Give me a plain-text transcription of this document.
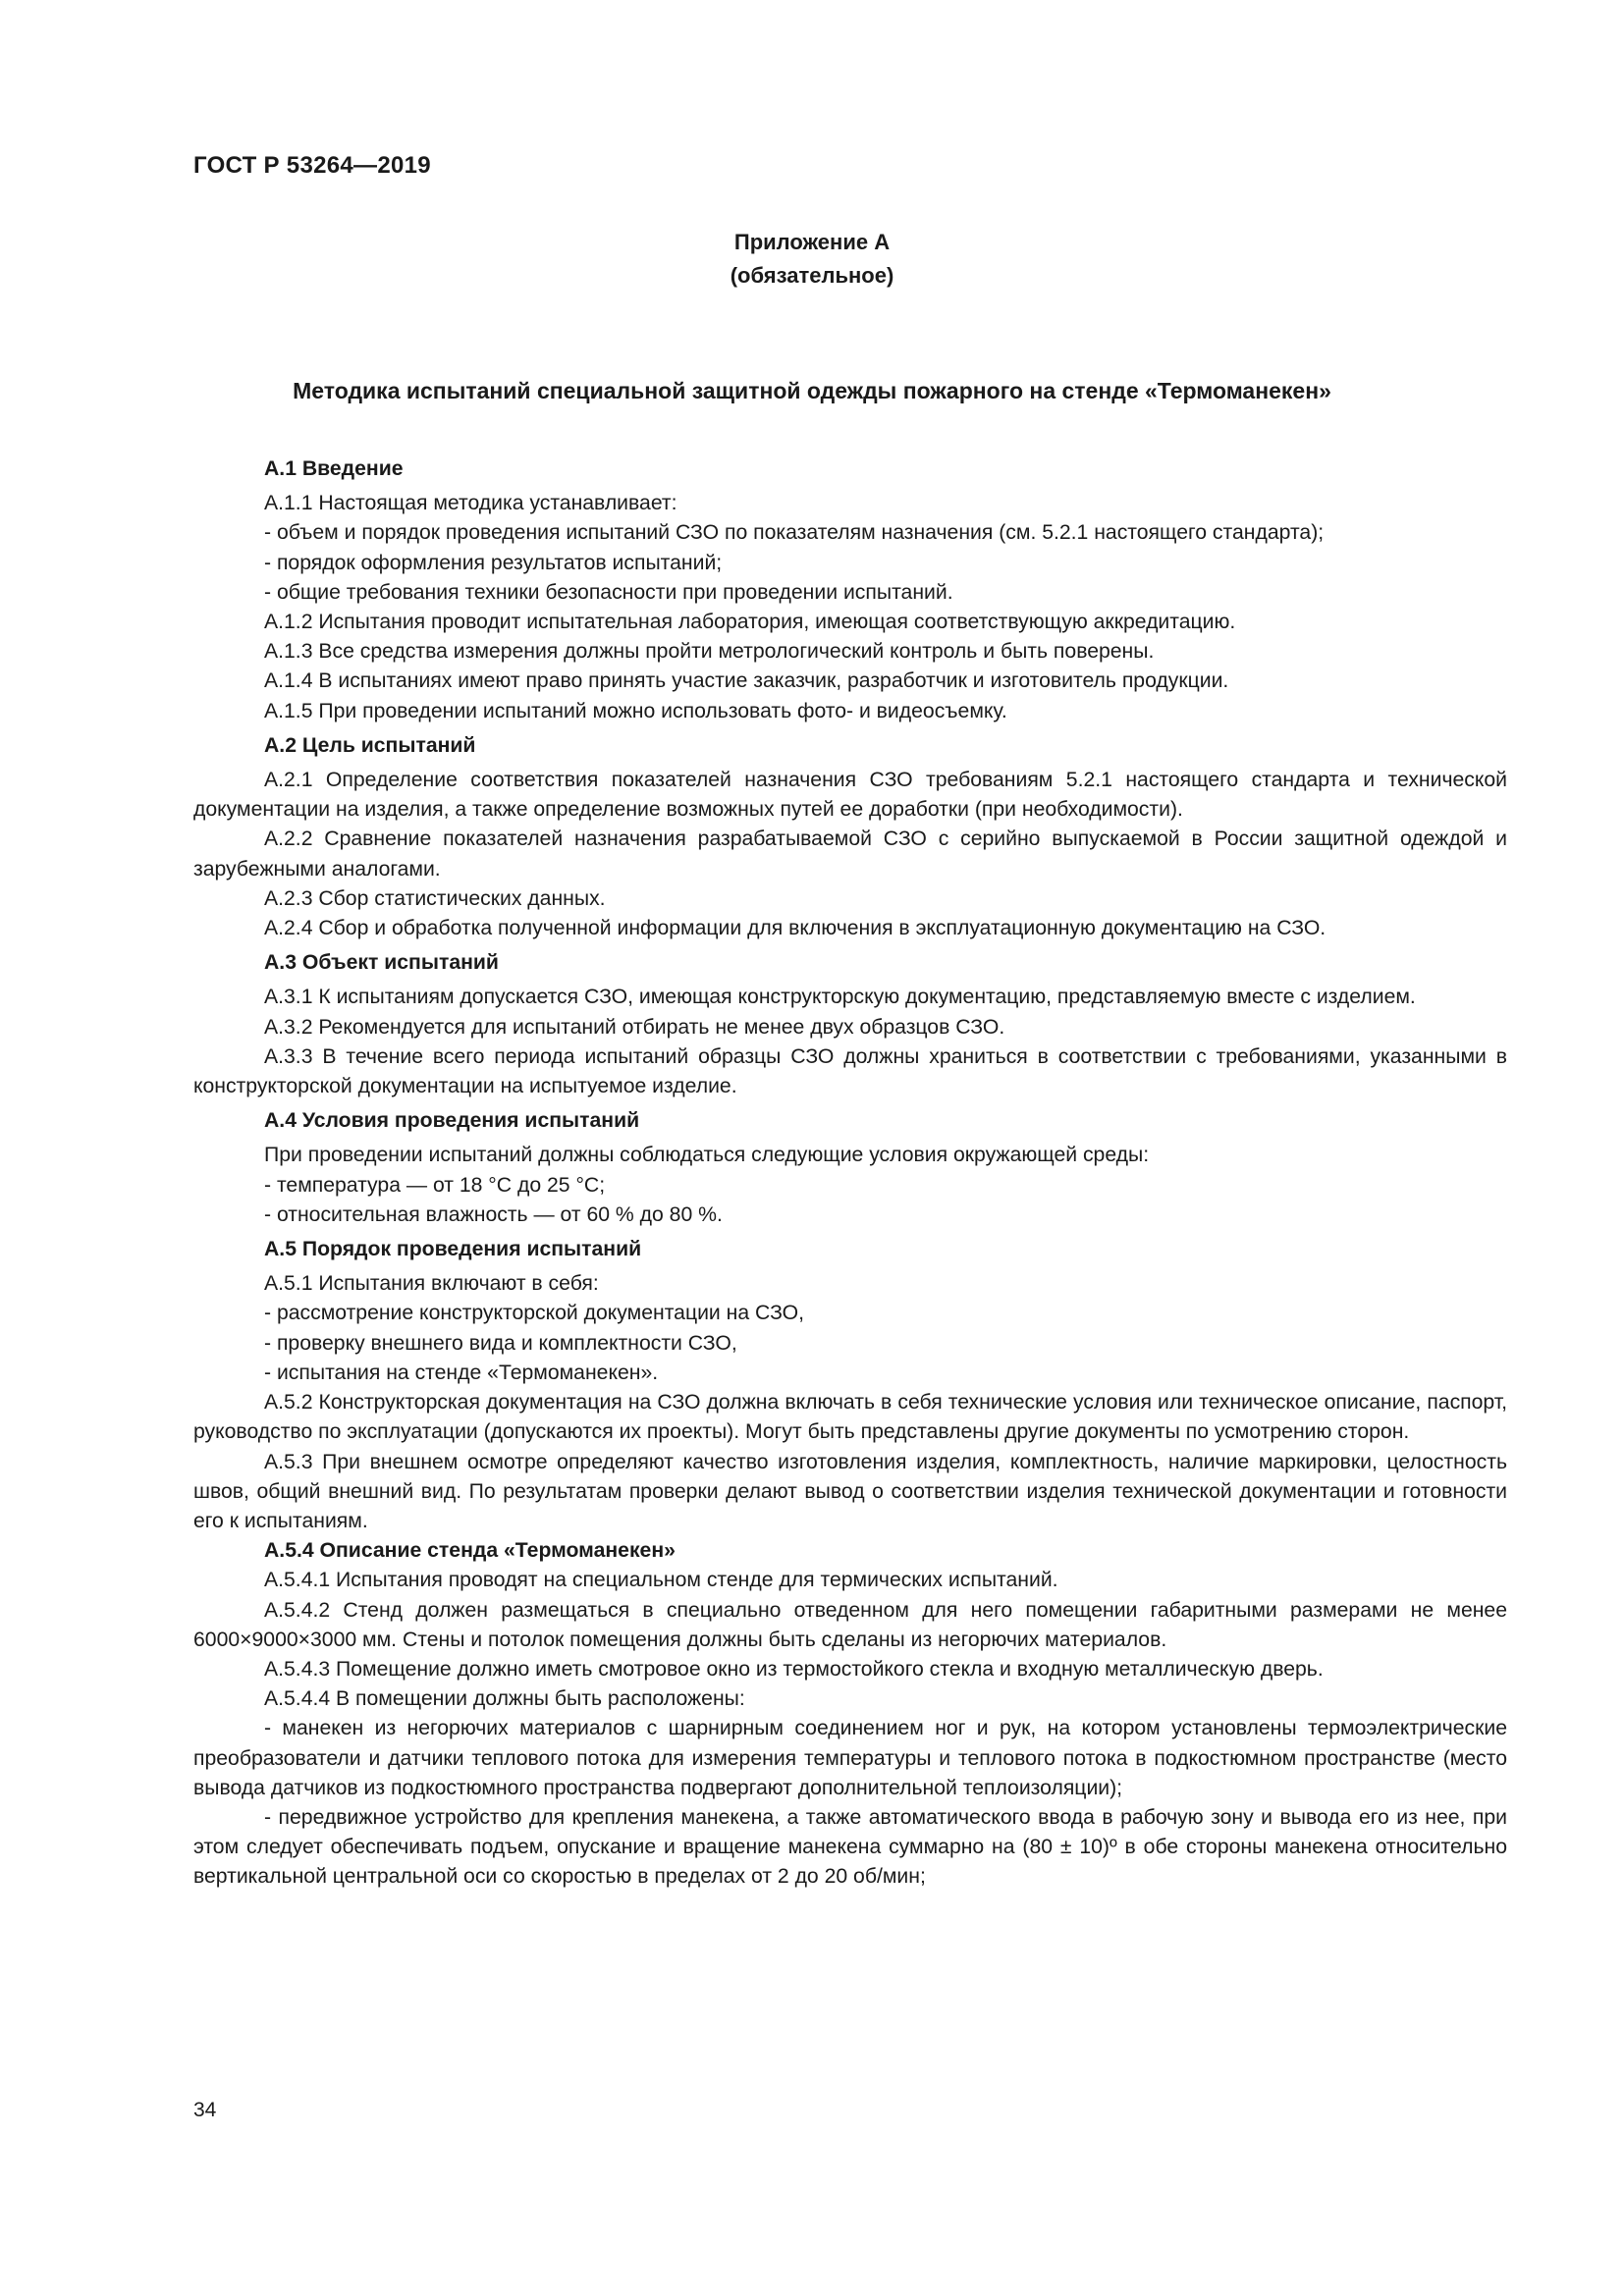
ГОСТ Р 53264—2019
Приложение А
(обязательное)
Методика испытаний специальной защитной одежды пожарного на стенде «Термоманекен»

А.1 Введение

А.1.1 Настоящая методика устанавливает:

- объем и порядок проведения испытаний СЗО по показателям назначения (см. 5.2.1 настоящего стандарта);

- порядок оформления результатов испытаний;

- общие требования техники безопасности при проведении испытаний.

А.1.2 Испытания проводит испытательная лаборатория, имеющая соответствующую аккредитацию.

А.1.3 Все средства измерения должны пройти метрологический контроль и быть поверены.

А.1.4 В испытаниях имеют право принять участие заказчик, разработчик и изготовитель продукции.

А.1.5 При проведении испытаний можно использовать фото- и видеосъемку.

А.2 Цель испытаний

А.2.1 Определение соответствия показателей назначения СЗО требованиям 5.2.1 настоящего стандарта и технической документации на изделия, а также определение возможных путей ее доработки (при необходимости).

А.2.2 Сравнение показателей назначения разрабатываемой СЗО с серийно выпускаемой в России защитной одеждой и зарубежными аналогами.

А.2.3 Сбор статистических данных.

А.2.4 Сбор и обработка полученной информации для включения в эксплуатационную документацию на СЗО.

А.3 Объект испытаний

А.3.1 К испытаниям допускается СЗО, имеющая конструкторскую документацию, представляемую вместе с изделием.

А.3.2 Рекомендуется для испытаний отбирать не менее двух образцов СЗО.

А.3.3 В течение всего периода испытаний образцы СЗО должны храниться в соответствии с требованиями, указанными в конструкторской документации на испытуемое изделие.

А.4 Условия проведения испытаний

При проведении испытаний должны соблюдаться следующие условия окружающей среды:

- температура — от 18 °С до 25 °С;

- относительная влажность — от 60 % до 80 %.

А.5 Порядок проведения испытаний

А.5.1 Испытания включают в себя:

- рассмотрение конструкторской документации на СЗО,

- проверку внешнего вида и комплектности СЗО,

- испытания на стенде «Термоманекен».

А.5.2 Конструкторская документация на СЗО должна включать в себя технические условия или техническое описание, паспорт, руководство по эксплуатации (допускаются их проекты). Могут быть представлены другие документы по усмотрению сторон.

А.5.3 При внешнем осмотре определяют качество изготовления изделия, комплектность, наличие маркировки, целостность швов, общий внешний вид. По результатам проверки делают вывод о соответствии изделия технической документации и готовности его к испытаниям.

А.5.4 Описание стенда «Термоманекен»

А.5.4.1 Испытания проводят на специальном стенде для термических испытаний.

А.5.4.2 Стенд должен размещаться в специально отведенном для него помещении габаритными размерами не менее 6000×9000×3000 мм. Стены и потолок помещения должны быть сделаны из негорючих материалов.

А.5.4.3 Помещение должно иметь смотровое окно из термостойкого стекла и входную металлическую дверь.

А.5.4.4 В помещении должны быть расположены:

- манекен из негорючих материалов с шарнирным соединением ног и рук, на котором установлены термоэлектрические преобразователи и датчики теплового потока для измерения температуры и теплового потока в подкостюмном пространстве (место вывода датчиков из подкостюмного пространства подвергают дополнительной теплоизоляции);

- передвижное устройство для крепления манекена, а также автоматического ввода в рабочую зону и вывода его из нее, при этом следует обеспечивать подъем, опускание и вращение манекена суммарно на (80 ± 10)º в обе стороны манекена относительно вертикальной центральной оси со скоростью в пределах от 2 до 20 об/мин;

34
